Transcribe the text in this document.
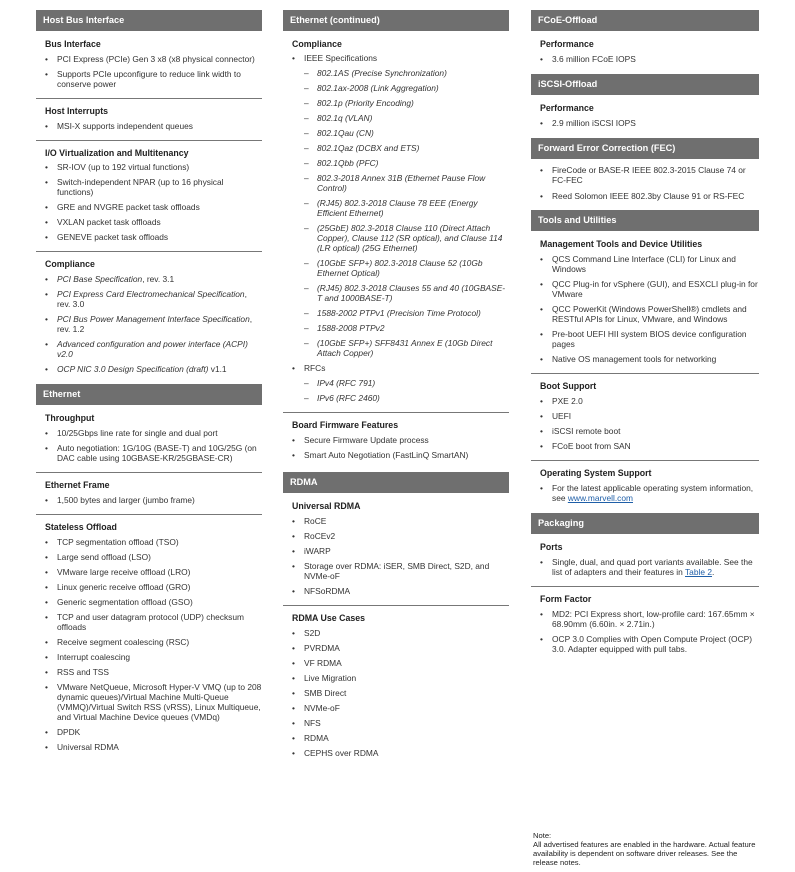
Host Bus Interface
Bus Interface
• PCI Express (PCIe) Gen 3 x8 (x8 physical connector)
• Supports PCIe upconfigure to reduce link width to conserve power
Host Interrupts
• MSI-X supports independent queues
I/O Virtualization and Multitenancy
• SR-IOV (up to 192 virtual functions)
• Switch-independent NPAR (up to 16 physical functions)
• GRE and NVGRE packet task offloads
• VXLAN packet task offloads
• GENEVE packet task offloads
Compliance
• PCI Base Specification, rev. 3.1
• PCI Express Card Electromechanical Specification, rev. 3.0
• PCI Bus Power Management Interface Specification, rev. 1.2
• Advanced configuration and power interface (ACPI) v2.0
• OCP NIC 3.0 Design Specification (draft) v1.1
Ethernet
Throughput
• 10/25Gbps line rate for single and dual port
• Auto negotiation: 1G/10G (BASE-T) and 10G/25G (on DAC cable using 10GBASE-KR/25GBASE-CR)
Ethernet Frame
• 1,500 bytes and larger (jumbo frame)
Stateless Offload
• TCP segmentation offload (TSO)
• Large send offload (LSO)
• VMware large receive offload (LRO)
• Linux generic receive offload (GRO)
• Generic segmentation offload (GSO)
• TCP and user datagram protocol (UDP) checksum offloads
• Receive segment coalescing (RSC)
• Interrupt coalescing
• RSS and TSS
• VMware NetQueue, Microsoft Hyper-V VMQ (up to 208 dynamic queues)/Virtual Machine Multi-Queue (VMMQ)/Virtual Switch RSS (vRSS), Linux Multiqueue, and Virtual Machine Device queues (VMDq)
• DPDK
• Universal RDMA
Ethernet (continued)
Compliance
• IEEE Specifications
– 802.1AS (Precise Synchronization)
– 802.1ax-2008 (Link Aggregation)
– 802.1p (Priority Encoding)
– 802.1q (VLAN)
– 802.1Qau (CN)
– 802.1Qaz (DCBX and ETS)
– 802.1Qbb (PFC)
– 802.3-2018 Annex 31B (Ethernet Pause Flow Control)
– (RJ45) 802.3-2018 Clause 78 EEE (Energy Efficient Ethernet)
– (25GbE) 802.3-2018 Clause 110 (Direct Attach Copper), Clause 112 (SR optical), and Clause 114 (LR optical) (25G Ethernet)
– (10GbE SFP+) 802.3-2018 Clause 52 (10Gb Ethernet Optical)
– (RJ45) 802.3-2018 Clauses 55 and 40 (10GBASE-T and 1000BASE-T)
– 1588-2002 PTPv1 (Precision Time Protocol)
– 1588-2008 PTPv2
– (10GbE SFP+) SFF8431 Annex E (10Gb Direct Attach Copper)
• RFCs
– IPv4 (RFC 791)
– IPv6 (RFC 2460)
Board Firmware Features
• Secure Firmware Update process
• Smart Auto Negotiation (FastLinQ SmartAN)
RDMA
Universal RDMA
• RoCE
• RoCEv2
• iWARP
• Storage over RDMA: iSER, SMB Direct, S2D, and NVMe-oF
• NFSoRDMA
RDMA Use Cases
• S2D
• PVRDMA
• VF RDMA
• Live Migration
• SMB Direct
• NVMe-oF
• NFS
• RDMA
• CEPHS over RDMA
FCoE-Offload
Performance
• 3.6 million FCoE IOPS
iSCSI-Offload
Performance
• 2.9 million iSCSI IOPS
Forward Error Correction (FEC)
• FireCode or BASE-R IEEE 802.3-2015 Clause 74 or FC-FEC
• Reed Solomon IEEE 802.3by Clause 91 or RS-FEC
Tools and Utilities
Management Tools and Device Utilities
• QCS Command Line Interface (CLI) for Linux and Windows
• QCC Plug-in for vSphere (GUI), and ESXCLI plug-in for VMware
• QCC PowerKit (Windows PowerShell®) cmdlets and RESTful APIs for Linux, VMware, and Windows
• Pre-boot UEFI HII system BIOS device configuration pages
• Native OS management tools for networking
Boot Support
• PXE 2.0
• UEFI
• iSCSI remote boot
• FCoE boot from SAN
Operating System Support
• For the latest applicable operating system information, see www.marvell.com
Packaging
Ports
• Single, dual, and quad port variants available. See the list of adapters and their features in Table 2.
Form Factor
• MD2: PCI Express short, low-profile card: 167.65mm × 68.90mm (6.60in. × 2.71in.)
• OCP 3.0 Complies with Open Compute Project (OCP) 3.0. Adapter equipped with pull tabs.
Note:
All advertised features are enabled in the hardware. Actual feature availability is dependent on software driver releases. See the release notes.
